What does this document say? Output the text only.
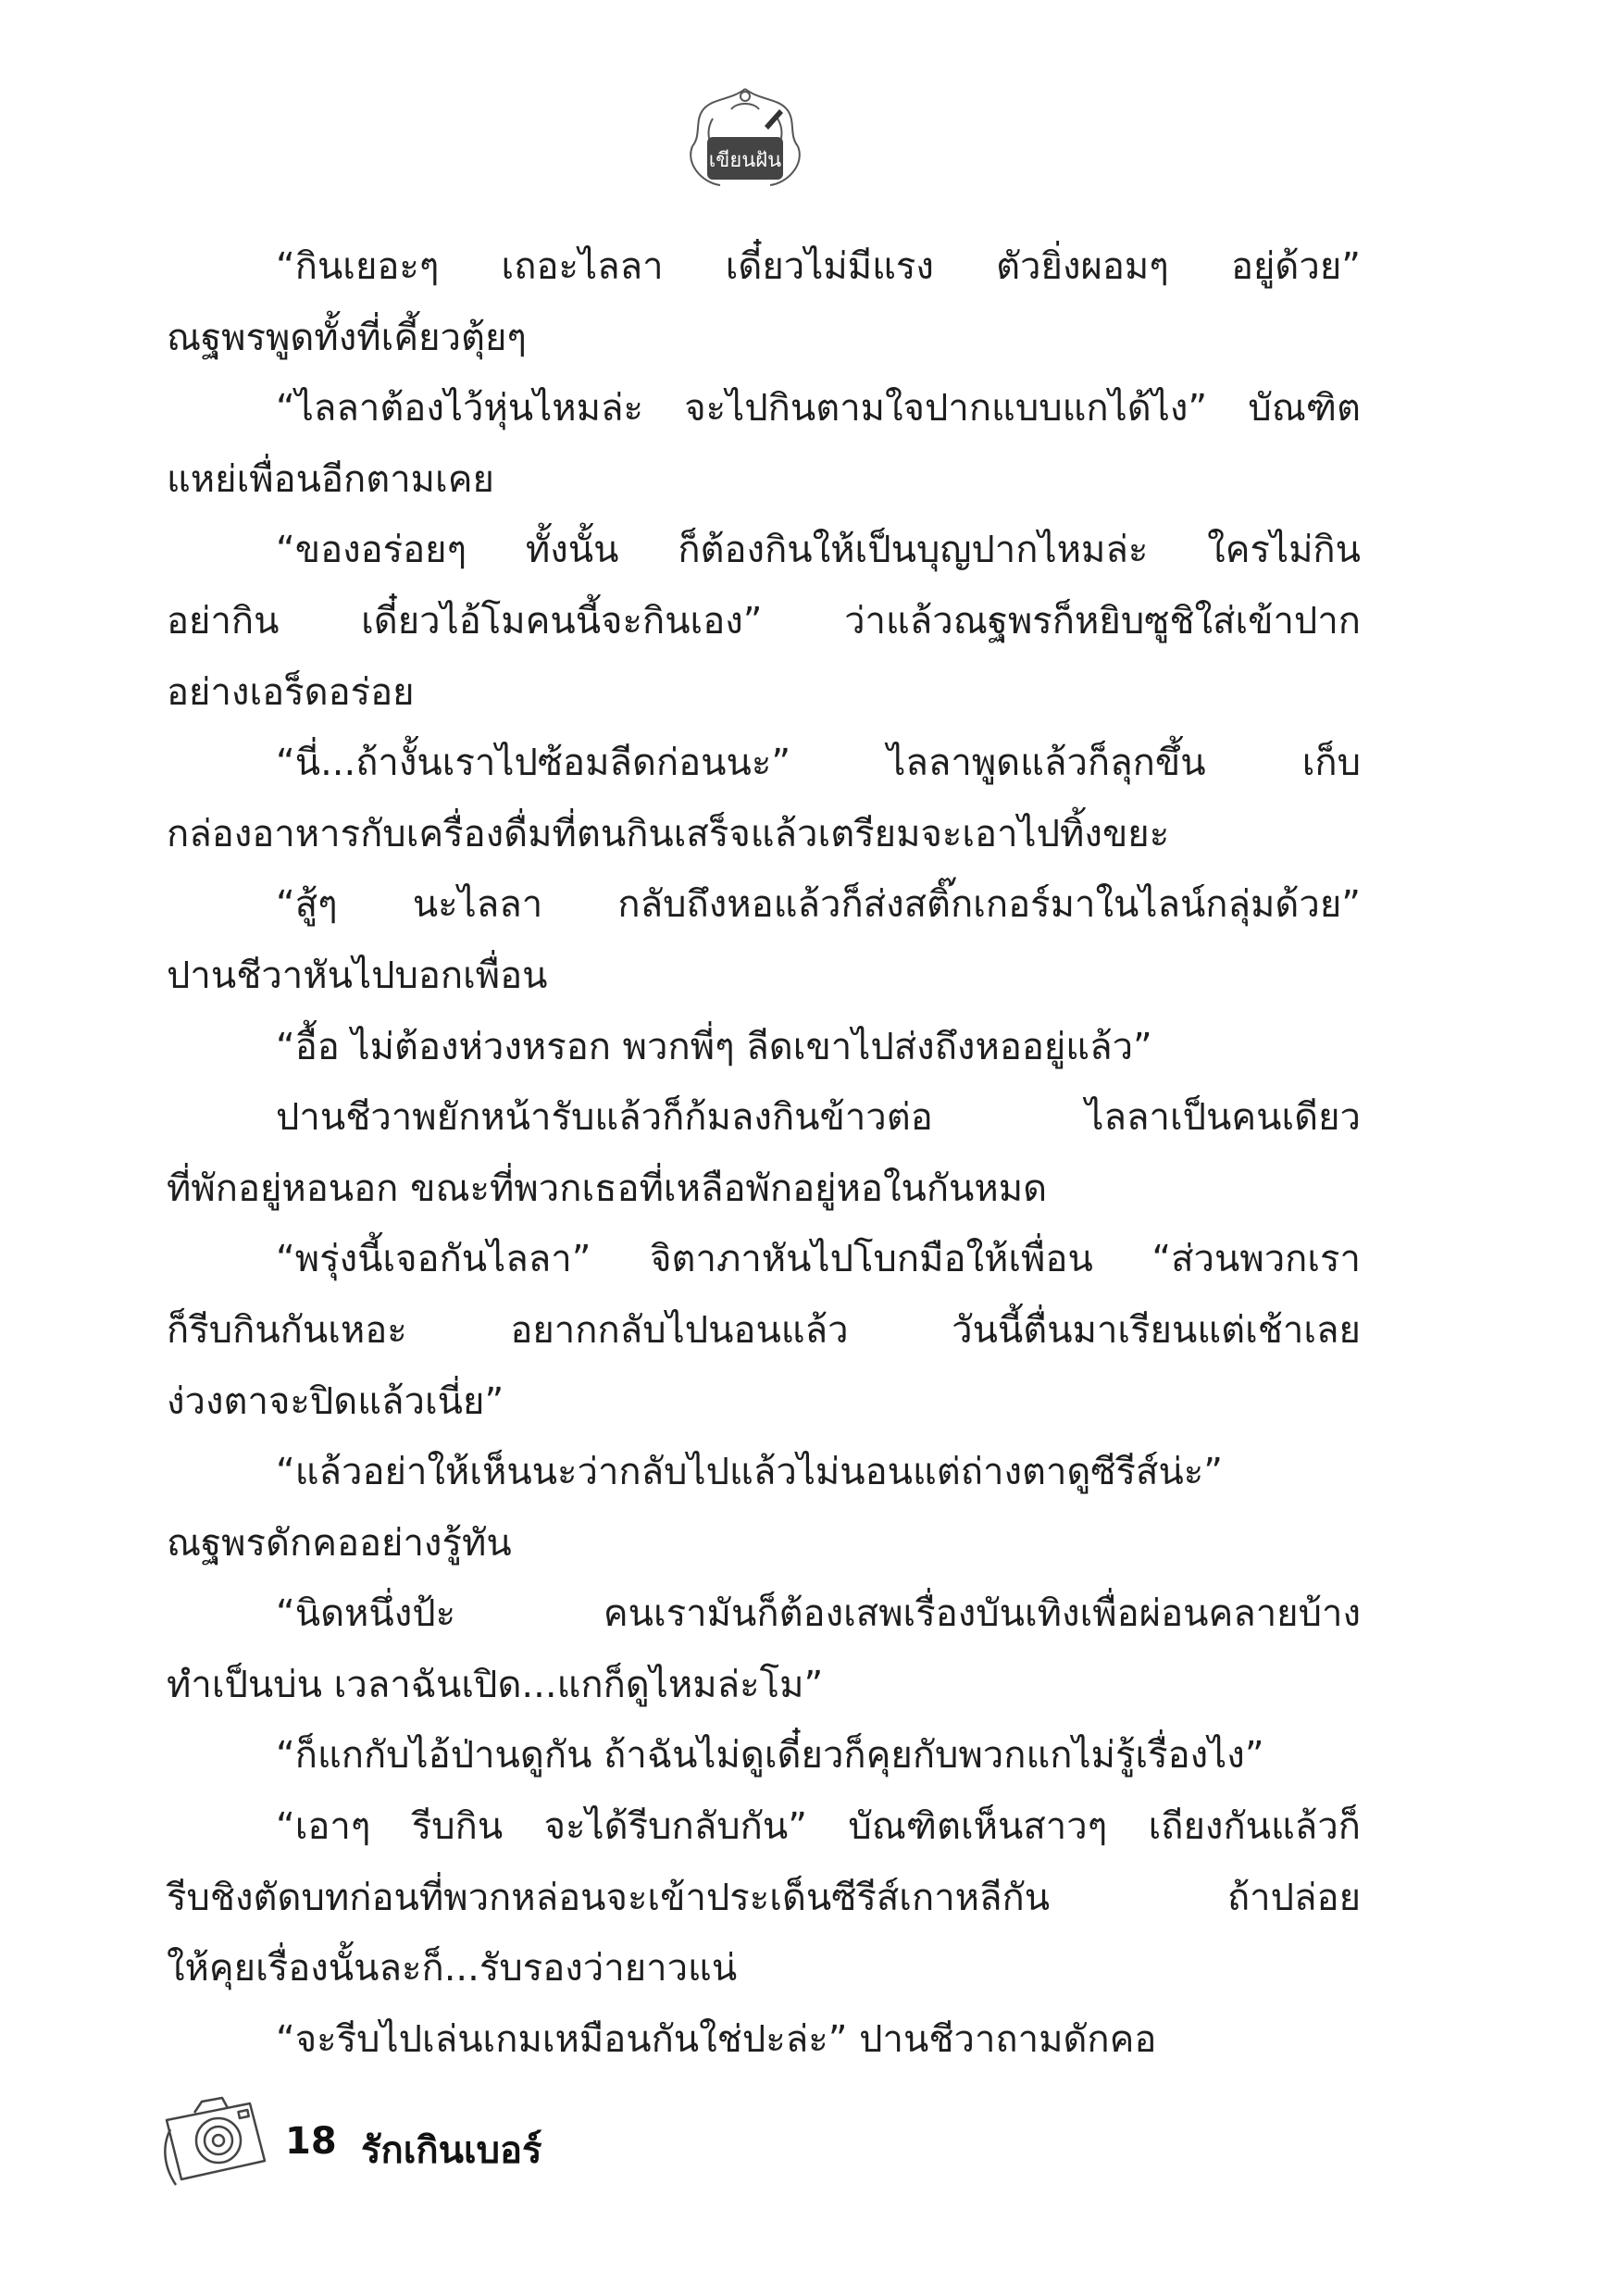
เขียนฝัน
“กินเยอะๆ เถอะไลลา เดี๋ยวไม่มีแรง ตัวยิ่งผอมๆ อยู่ด้วย”
ณฐพรพูดทั้งที่เคี้ยวตุ้ยๆ
“ไลลาต้องไว้หุ่นไหมล่ะ จะไปกินตามใจปากแบบแกได้ไง” บัณฑิต
แหย่เพื่อนอีกตามเคย
“ของอร่อยๆ ทั้งนั้น ก็ต้องกินให้เป็นบุญปากไหมล่ะ ใครไม่กิน
อย่ากิน เดี๋ยวไอ้โมคนนี้จะกินเอง” ว่าแล้วณฐพรก็หยิบซูชิใส่เข้าปาก
อย่างเอร็ดอร่อย
“นี่...ถ้างั้นเราไปซ้อมลีดก่อนนะ” ไลลาพูดแล้วก็ลุกขึ้น เก็บ
กล่องอาหารกับเครื่องดื่มที่ตนกินเสร็จแล้วเตรียมจะเอาไปทิ้งขยะ
“สู้ๆ นะไลลา กลับถึงหอแล้วก็ส่งสติ๊กเกอร์มาในไลน์กลุ่มด้วย”
ปานชีวาหันไปบอกเพื่อน
“อื้อ ไม่ต้องห่วงหรอก พวกพี่ๆ ลีดเขาไปส่งถึงหออยู่แล้ว”
ปานชีวาพยักหน้ารับแล้วก็ก้มลงกินข้าวต่อ ไลลาเป็นคนเดียว
ที่พักอยู่หอนอก ขณะที่พวกเธอที่เหลือพักอยู่หอในกันหมด
“พรุ่งนี้เจอกันไลลา” จิตาภาหันไปโบกมือให้เพื่อน “ส่วนพวกเรา
ก็รีบกินกันเหอะ อยากกลับไปนอนแล้ว วันนี้ตื่นมาเรียนแต่เช้าเลย
ง่วงตาจะปิดแล้วเนี่ย”
“แล้วอย่าให้เห็นนะว่ากลับไปแล้วไม่นอนแต่ถ่างตาดูซีรีส์น่ะ”
ณฐพรดักคออย่างรู้ทัน
“นิดหนึ่งป้ะ คนเรามันก็ต้องเสพเรื่องบันเทิงเพื่อผ่อนคลายบ้าง
ทำเป็นบ่น เวลาฉันเปิด...แกก็ดูไหมล่ะโม”
“ก็แกกับไอ้ป่านดูกัน ถ้าฉันไม่ดูเดี๋ยวก็คุยกับพวกแกไม่รู้เรื่องไง”
“เอาๆ รีบกิน จะได้รีบกลับกัน” บัณฑิตเห็นสาวๆ เถียงกันแล้วก็
รีบชิงตัดบทก่อนที่พวกหล่อนจะเข้าประเด็นซีรีส์เกาหลีกัน ถ้าปล่อย
ให้คุยเรื่องนั้นละก็...รับรองว่ายาวแน่
“จะรีบไปเล่นเกมเหมือนกันใช่ปะล่ะ” ปานชีวาถามดักคอ
18 รักเกินเบอร์
